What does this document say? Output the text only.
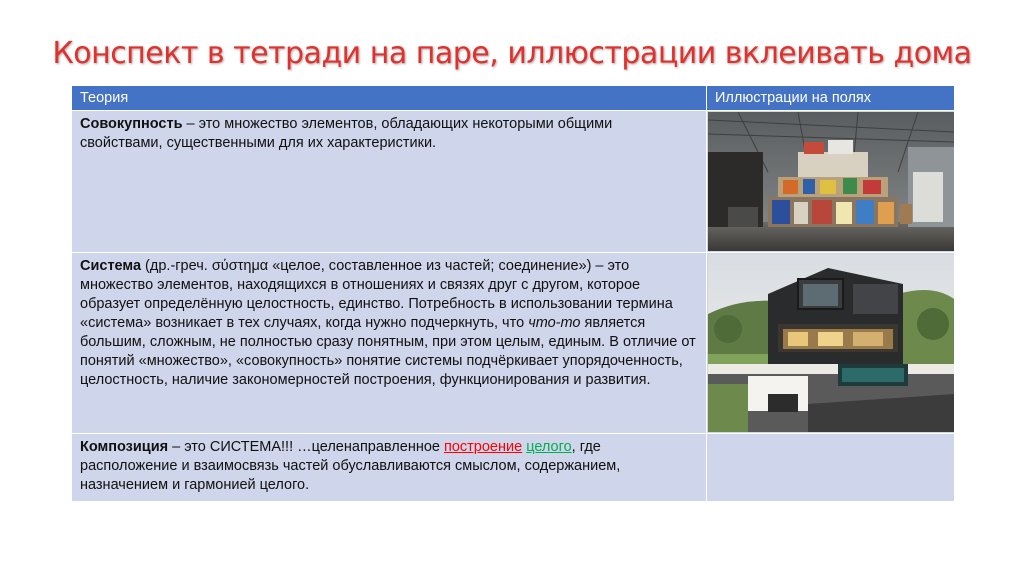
Конспект в тетради на паре, иллюстрации вклеивать дома
Теория	Иллюстрации на полях
Совокупность – это множество элементов, обладающих некоторыми общими свойствами, существенными для их характеристики.	

Система (др.-греч. σύστημα «целое, составленное из частей; соединение») – это множество элементов, находящихся в отношениях и связях друг с другом, которое образует определённую целостность, единство. Потребность в использовании термина «система» возникает в тех случаях, когда нужно подчеркнуть, что что-то является большим, сложным, не полностью сразу понятным, при этом целым, единым. В отличие от понятий «множество», «совокупность» понятие системы подчёркивает упорядоченность, целостность, наличие закономерностей построения, функционирования и развития.	

Композиция – это СИСТЕМА!!! …целенаправленное построение целого, где расположение и взаимосвязь частей обуславливаются смыслом, содержанием, назначением и гармонией целого.	
